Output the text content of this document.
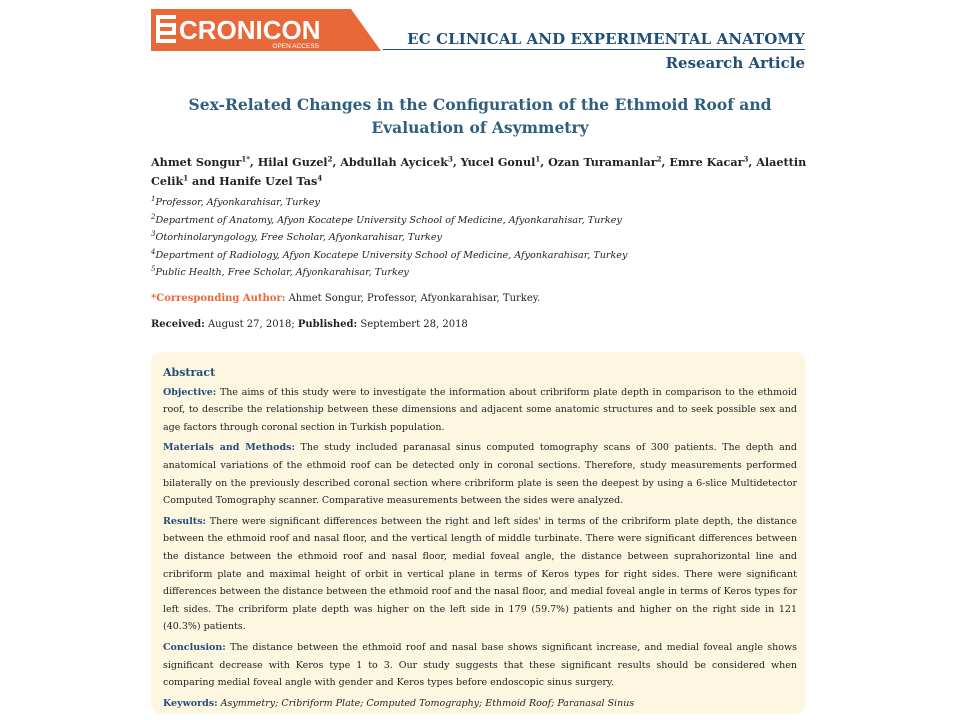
CRONICON
OPEN ACCESS	EC CLINICAL AND EXPERIMENTAL ANATOMY
Research Article
Sex-Related Changes in the Configuration of the Ethmoid Roof and
Evaluation of Asymmetry
Ahmet Songur$^{1*}$, Hilal Guzel$^2$, Abdullah Aycicek$^3$, Yucel Gonul$^1$, Ozan Turamanlar$^2$, Emre Kacar$^3$, Alaettin Celik$^1$ and Hanife Uzel Tas$^4$
$^1$Professor, Afyonkarahisar, Turkey
$^2$Department of Anatomy, Afyon Kocatepe University School of Medicine, Afyonkarahisar, Turkey
$^3$Otorhinolaryngology, Free Scholar, Afyonkarahisar, Turkey
$^4$Department of Radiology, Afyon Kocatepe University School of Medicine, Afyonkarahisar, Turkey
$^5$Public Health, Free Scholar, Afyonkarahisar, Turkey
*Corresponding Author: Ahmet Songur, Professor, Afyonkarahisar, Turkey.
Received: August 27, 2018; Published: Septembert 28, 2018
Abstract

Objective: The aims of this study were to investigate the information about cribriform plate depth in comparison to the ethmoid roof, to describe the relationship between these dimensions and adjacent some anatomic structures and to seek possible sex and age factors through coronal section in Turkish population.

Materials and Methods: The study included paranasal sinus computed tomography scans of 300 patients. The depth and anatomical variations of the ethmoid roof can be detected only in coronal sections. Therefore, study measurements performed bilaterally on the previously described coronal section where cribriform plate is seen the deepest by using a 6-slice Multidetector Computed Tomography scanner. Comparative measurements between the sides were analyzed.

Results: There were significant differences between the right and left sides' in terms of the cribriform plate depth, the distance between the ethmoid roof and nasal floor, and the vertical length of middle turbinate. There were significant differences between the distance between the ethmoid roof and nasal floor, medial foveal angle, the distance between suprahorizontal line and cribriform plate and maximal height of orbit in vertical plane in terms of Keros types for right sides. There were significant differences between the distance between the ethmoid roof and the nasal floor, and medial foveal angle in terms of Keros types for left sides. The cribriform plate depth was higher on the left side in 179 (59.7%) patients and higher on the right side in 121 (40.3%) patients.

Conclusion: The distance between the ethmoid roof and nasal base shows significant increase, and medial foveal angle shows significant decrease with Keros type 1 to 3. Our study suggests that these significant results should be considered when comparing medial foveal angle with gender and Keros types before endoscopic sinus surgery.

Keywords: Asymmetry; Cribriform Plate; Computed Tomography; Ethmoid Roof; Paranasal Sinus
